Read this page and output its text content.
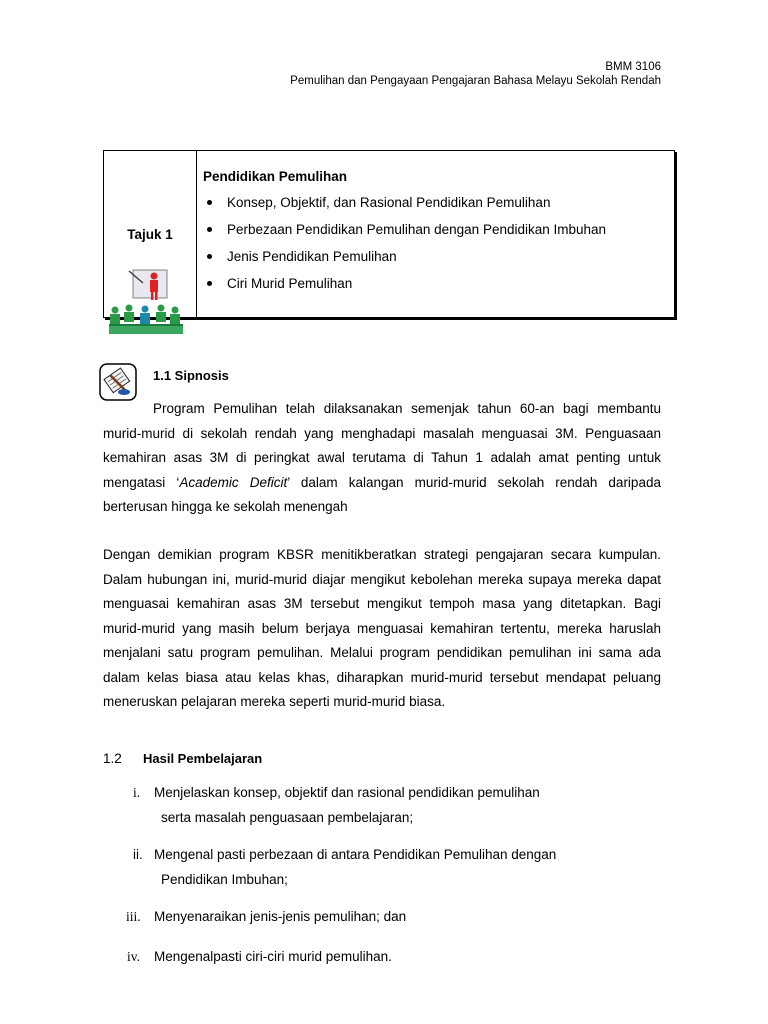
BMM 3106
Pemulihan dan Pengayaan Pengajaran Bahasa Melayu Sekolah Rendah
Tajuk 1
Pendidikan Pemulihan
Konsep, Objektif, dan Rasional Pendidikan Pemulihan
Perbezaan Pendidikan Pemulihan dengan Pendidikan Imbuhan
Jenis Pendidikan Pemulihan
Ciri Murid Pemulihan
1.1 Sipnosis
Program Pemulihan telah dilaksanakan semenjak tahun 60-an bagi membantu murid-murid di sekolah rendah yang menghadapi masalah menguasai 3M. Penguasaan kemahiran asas 3M di peringkat awal terutama di Tahun 1 adalah amat penting untuk mengatasi ‘Academic Deficit’ dalam kalangan murid-murid sekolah rendah daripada berterusan hingga ke sekolah menengah
Dengan demikian program KBSR menitikberatkan strategi pengajaran secara kumpulan. Dalam hubungan ini, murid-murid diajar mengikut kebolehan mereka supaya mereka dapat menguasai kemahiran asas 3M tersebut mengikut tempoh masa yang ditetapkan. Bagi murid-murid yang masih belum berjaya menguasai kemahiran tertentu, mereka haruslah menjalani satu program pemulihan. Melalui program pendidikan pemulihan ini sama ada dalam kelas biasa atau kelas khas, diharapkan murid-murid tersebut mendapat peluang meneruskan pelajaran mereka seperti murid-murid biasa.
1.2 Hasil Pembelajaran
i. Menjelaskan konsep, objektif dan rasional pendidikan pemulihan
serta masalah penguasaan pembelajaran;
ii. Mengenal pasti perbezaan di antara Pendidikan Pemulihan dengan
Pendidikan Imbuhan;
iii. Menyenaraikan jenis-jenis pemulihan; dan
iv. Mengenalpasti ciri-ciri murid pemulihan.
